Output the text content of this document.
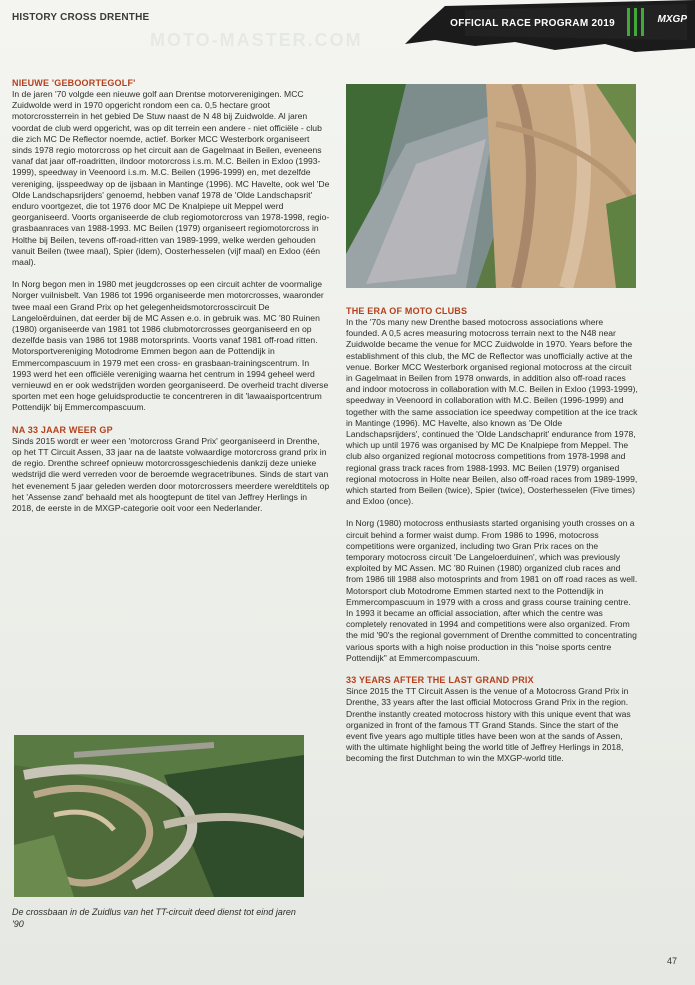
MOTO-MASTER.COM
HISTORY CROSS DRENTHE
OFFICIAL RACE PROGRAM 2019	MXGP
NIEUWE 'GEBOORTEGOLF'

In de jaren '70 volgde een nieuwe golf aan Drentse motorverenigingen. MCC Zuidwolde werd in 1970 opgericht rondom een ca. 0,5 hectare groot motorcrossterrein in het gebied De Stuw naast de N 48 bij Zuidwolde. Al jaren voordat de club werd opgericht, was op dit terrein een andere - niet officiële - club die zich MC De Reflector noemde, actief. Borker MCC Westerbork organiseert sinds 1978 regio motorcross op het circuit aan de Gagelmaat in Beilen, eveneens vanaf dat jaar off-roadritten, ilndoor motorcross i.s.m. M.C. Beilen in Exloo (1993-1999), speedway in Veenoord i.s.m. M.C. Beilen (1996-1999) en, met dezelfde vereniging, ijsspeedway op de ijsbaan in Mantinge (1996). MC Havelte, ook wel 'De Olde Landschapsrijders' genoemd, hebben vanaf 1978 de 'Olde Landschapsrit' enduro voortgezet, die tot 1976 door MC De Knalpiepe uit Meppel werd georganiseerd. Voorts organiseerde de club regiomotorcross van 1978-1998, regio-grasbaanraces van 1988-1993. MC Beilen (1979) organiseert regiomotorcross in Holthe bij Beilen, tevens off-road-ritten van 1989-1999, welke werden gehouden vanuit Beilen (twee maal), Spier (idem), Oosterhesselen (vijf maal) en Exloo (één maal).

In Norg begon men in 1980 met jeugdcrosses op een circuit achter de voormalige Norger vuilnisbelt. Van 1986 tot 1996 organiseerde men motorcrosses, waaronder twee maal een Grand Prix op het gelegenheidsmotorcrosscircuit De Langeloërduinen, dat eerder bij de MC Assen e.o. in gebruik was. MC '80 Ruinen (1980) organiseerde van 1981 tot 1986 clubmotorcrosses georganiseerd en op dezelfde basis van 1986 tot 1988 motorsprints. Voorts vanaf 1981 off-road ritten. Motorsportvereniging Motodrome Emmen begon aan de Pottendijk in Emmercompascuum in 1979 met een cross- en grasbaan-trainingscentrum. In 1993 werd het een officiële vereniging waarna het centrum in 1994 geheel werd vernieuwd en er ook wedstrijden worden georganiseerd. De overheid tracht diverse sporten met een hoge geluidsproductie te concentreren in dit 'lawaaisportcentrum Pottendijk' bij Emmercompascuum.

NA 33 JAAR WEER GP

Sinds 2015 wordt er weer een 'motorcross Grand Prix' georganiseerd in Drenthe, op het TT Circuit Assen, 33 jaar na de laatste volwaardige motorcross grand prix in de regio. Drenthe schreef opnieuw motorcrossgeschiedenis dankzij deze unieke wedstrijd die werd verreden voor de beroemde wegracetribunes. Sinds de start van het evenement 5 jaar geleden werden door motorcrossers meerdere wereldtitels op het 'Assense zand' behaald met als hoogtepunt de titel van Jeffrey Herlings in 2018, de eerste in de MXGP-categorie ooit voor een Nederlander.

De crossbaan in de Zuidlus van het TT-circuit deed dienst tot eind jaren '90
THE ERA OF MOTO CLUBS

In the '70s many new Drenthe based motocross associations where founded. A 0,5 acres measuring motocross terrain next to the N48 near Zuidwolde became the venue for MCC Zuidwolde in 1970. Years before the establishment of this club, the MC de Reflector was unofficially active at the venue. Borker MCC Westerbork organised regional motocross at the circuit in Gagelmaat in Beilen from 1978 onwards, in addition also off-road races and indoor motocross in collaboration with M.C. Beilen in Exloo (1993-1999), speedway in Veenoord in collaboration with M.C. Beilen (1996-1999) and together with the same association ice speedway competition at the ice track in Mantinge (1996). MC Havelte, also known as 'De Olde Landschapsrijders', continued the 'Olde Landschaprit' endurance from 1978, which up until 1976 was organised by MC De Knalpiepe from Meppel. The club also organized regional motocross competitions from 1978-1998 and regional grass track races from 1988-1993. MC Beilen (1979) organised regional motocross in Holte near Beilen, also off-road races from 1989-1999, which started from Beilen (twice), Spier (twice), Oosterhesselen (Five times) and Exloo (once).

In Norg (1980) motocross enthusiasts started organising youth crosses on a circuit behind a former waist dump. From 1986 to 1996, motocross competitions were organized, including two Gran Prix races on the temporary motocross circuit 'De Langeloerduinen', which was previously exploited by MC Assen. MC '80 Ruinen (1980) organized club races and from 1986 till 1988 also motosprints and from 1981 on off road races as well. Motorsport club Motodrome Emmen started next to the Pottendijk in Emmercompascuum in 1979 with a cross and grass course training centre. In 1993 it became an official association, after which the centre was completely renovated in 1994 and competitions were also organized. From the mid '90's the regional government of Drenthe committed to concentrating various sports with a high noise production in this "noise sports centre Pottendijk" at Emmercompascuum.

33 YEARS AFTER THE LAST GRAND PRIX

Since 2015 the TT Circuit Assen is the venue of a Motocross Grand Prix in Drenthe, 33 years after the last official Motocross Grand Prix in the region. Drenthe instantly created motocross history with this unique event that was organized in front of the famous TT Grand Stands. Since the start of the event five years ago multiple titles have been won at the sands of Assen, with the ultimate highlight being the world title of Jeffrey Herlings in 2018, becoming the first Dutchman to win the MXGP-world title.

47
